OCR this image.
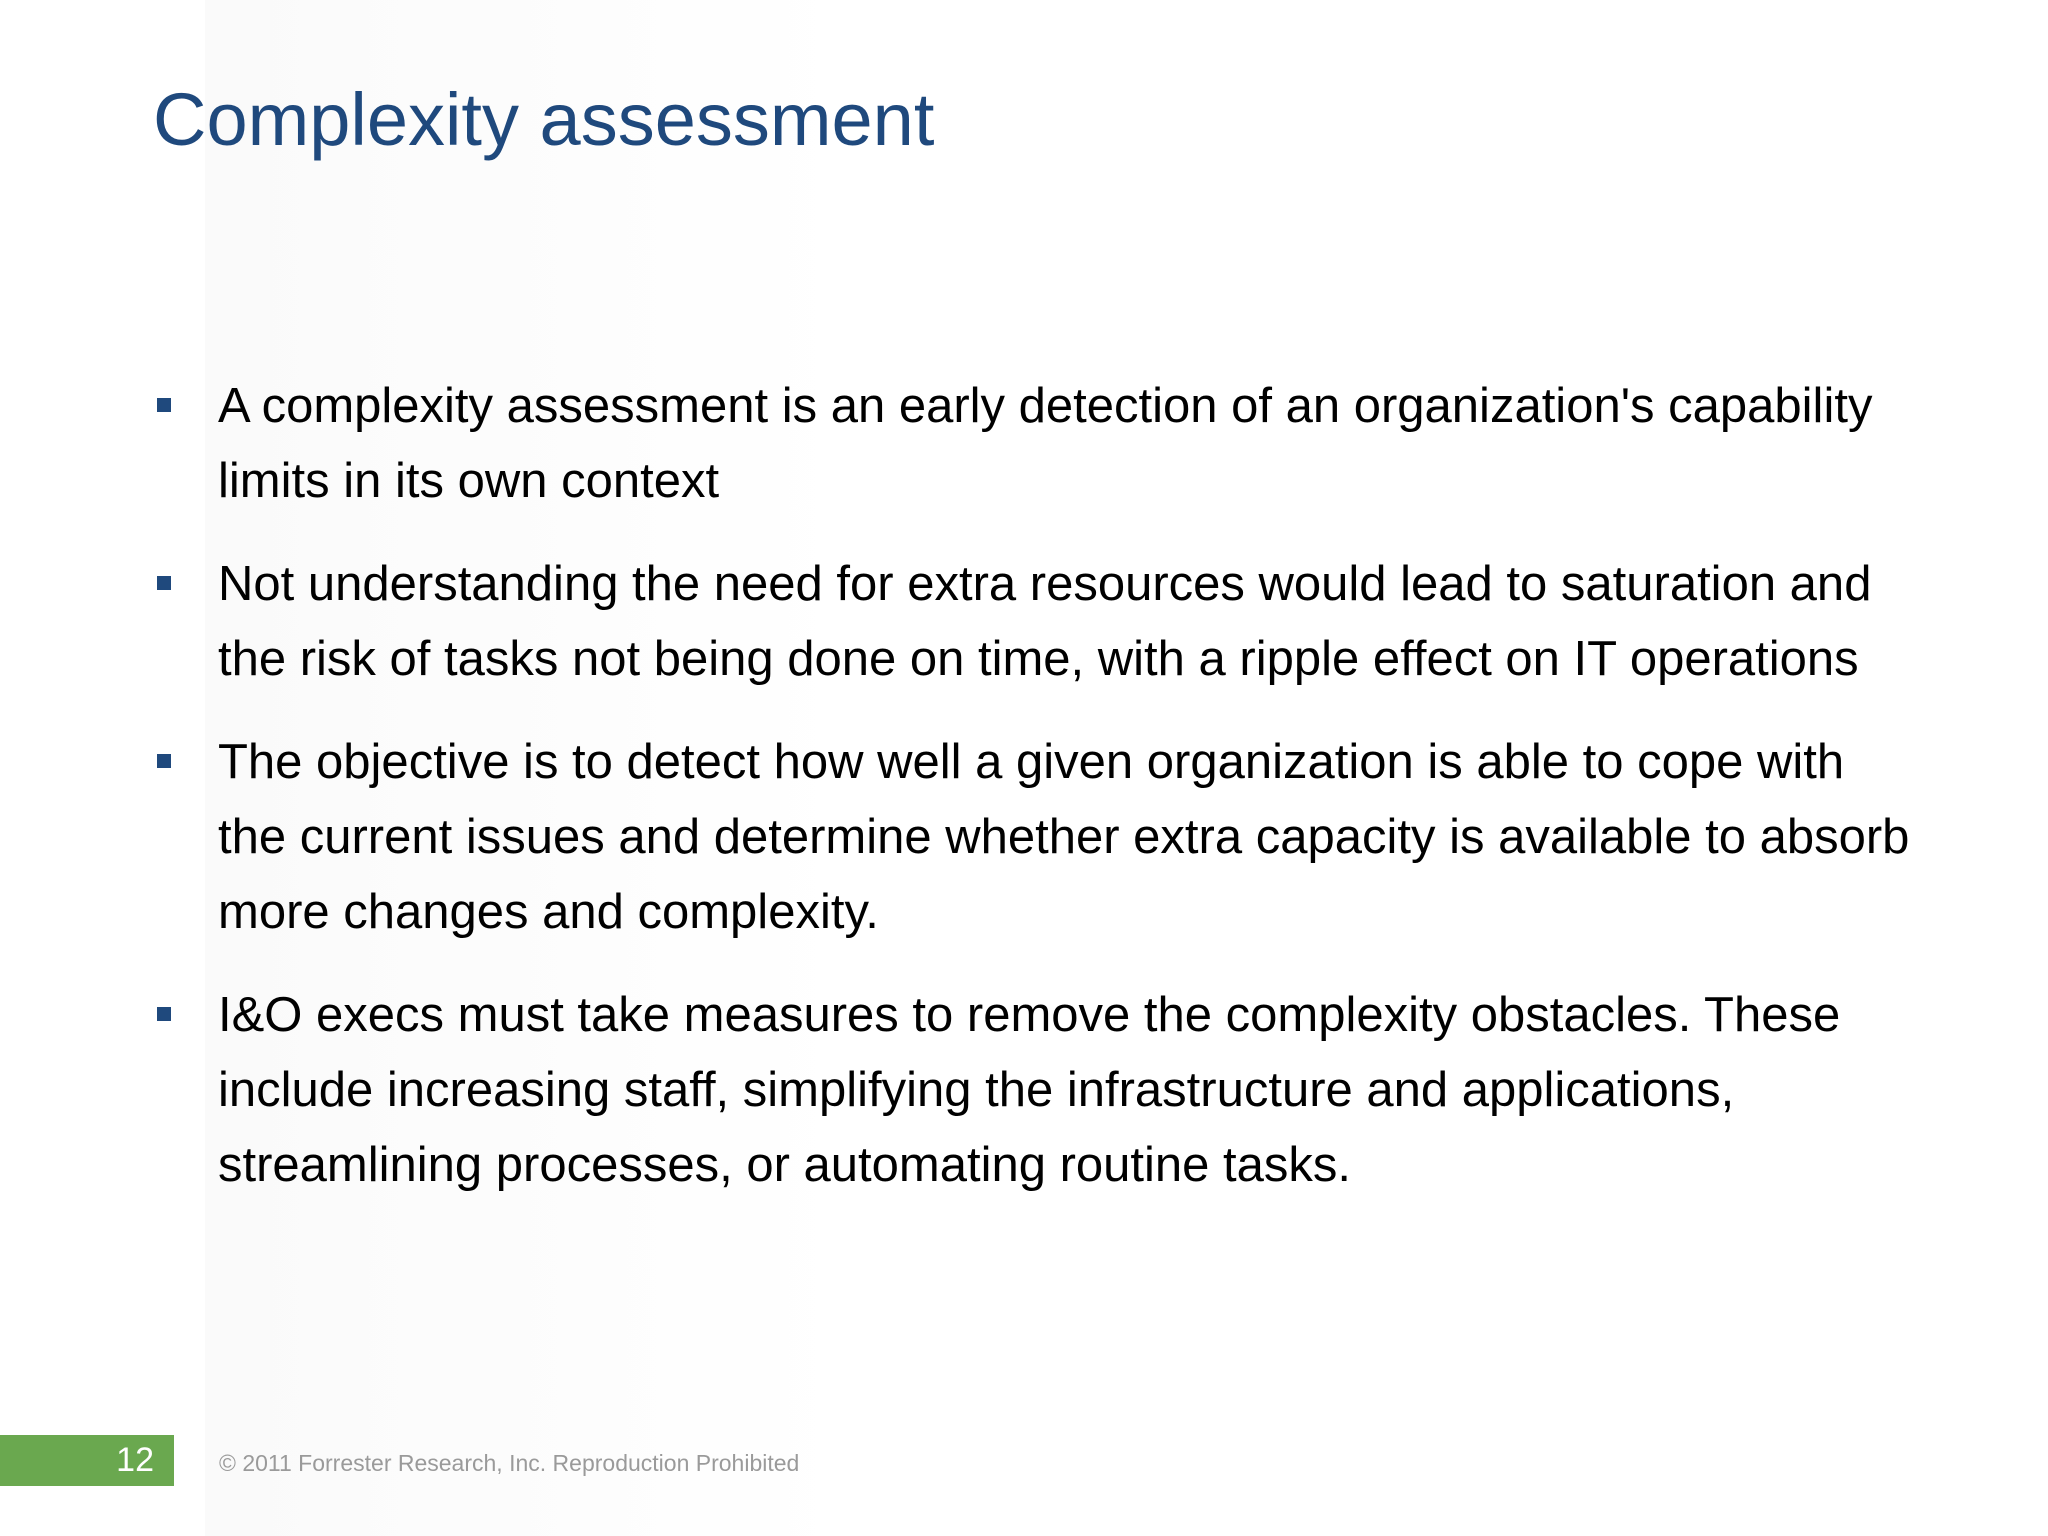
Complexity assessment
A complexity assessment is an early detection of an organization's capability limits in its own context
Not understanding the need for extra resources would lead to saturation and the risk of tasks not being done on time, with a ripple effect on IT operations
The objective is to detect how well a given organization is able to cope with the current issues and determine whether extra capacity is available to absorb more changes and complexity.
I&O execs must take measures to remove the complexity obstacles. These include increasing staff, simplifying the infrastructure and applications, streamlining processes, or automating routine tasks.
12	© 2011 Forrester Research, Inc. Reproduction Prohibited
